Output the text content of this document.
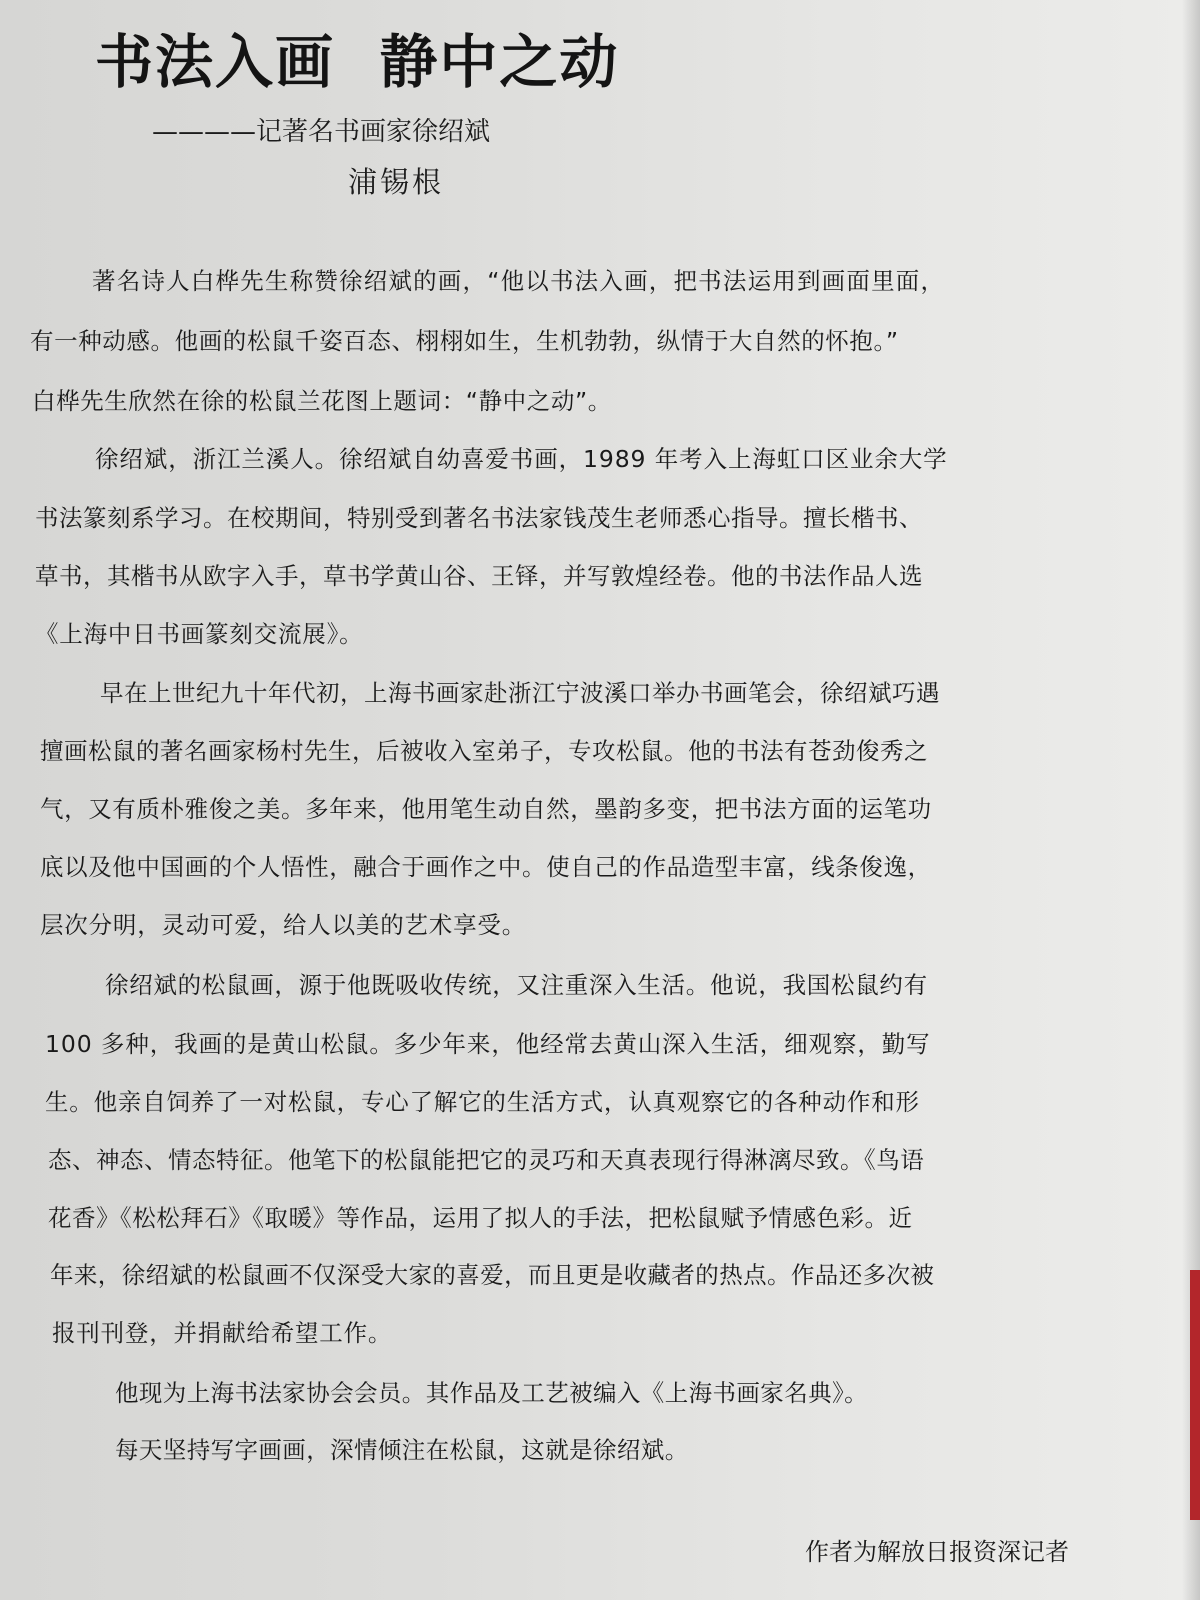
书法入画  静中之动
————记著名书画家徐绍斌
浦锡根
著名诗人白桦先生称赞徐绍斌的画，“他以书法入画，把书法运用到画面里面，
有一种动感。他画的松鼠千姿百态、栩栩如生，生机勃勃，纵情于大自然的怀抱。”
白桦先生欣然在徐的松鼠兰花图上题词：“静中之动”。
徐绍斌，浙江兰溪人。徐绍斌自幼喜爱书画，1989 年考入上海虹口区业余大学
书法篆刻系学习。在校期间，特别受到著名书法家钱茂生老师悉心指导。擅长楷书、
草书，其楷书从欧字入手，草书学黄山谷、王铎，并写敦煌经卷。他的书法作品人选
《上海中日书画篆刻交流展》。
早在上世纪九十年代初，上海书画家赴浙江宁波溪口举办书画笔会，徐绍斌巧遇
擅画松鼠的著名画家杨村先生，后被收入室弟子，专攻松鼠。他的书法有苍劲俊秀之
气，又有质朴雅俊之美。多年来，他用笔生动自然，墨韵多变，把书法方面的运笔功
底以及他中国画的个人悟性，融合于画作之中。使自己的作品造型丰富，线条俊逸，
层次分明，灵动可爱，给人以美的艺术享受。
徐绍斌的松鼠画，源于他既吸收传统，又注重深入生活。他说，我国松鼠约有
100 多种，我画的是黄山松鼠。多少年来，他经常去黄山深入生活，细观察，勤写
生。他亲自饲养了一对松鼠，专心了解它的生活方式，认真观察它的各种动作和形
态、神态、情态特征。他笔下的松鼠能把它的灵巧和天真表现行得淋漓尽致。《鸟语
花香》《松松拜石》《取暖》等作品，运用了拟人的手法，把松鼠赋予情感色彩。近
年来，徐绍斌的松鼠画不仅深受大家的喜爱，而且更是收藏者的热点。作品还多次被
报刊刊登，并捐献给希望工作。
他现为上海书法家协会会员。其作品及工艺被编入《上海书画家名典》。
每天坚持写字画画，深情倾注在松鼠，这就是徐绍斌。
作者为解放日报资深记者
